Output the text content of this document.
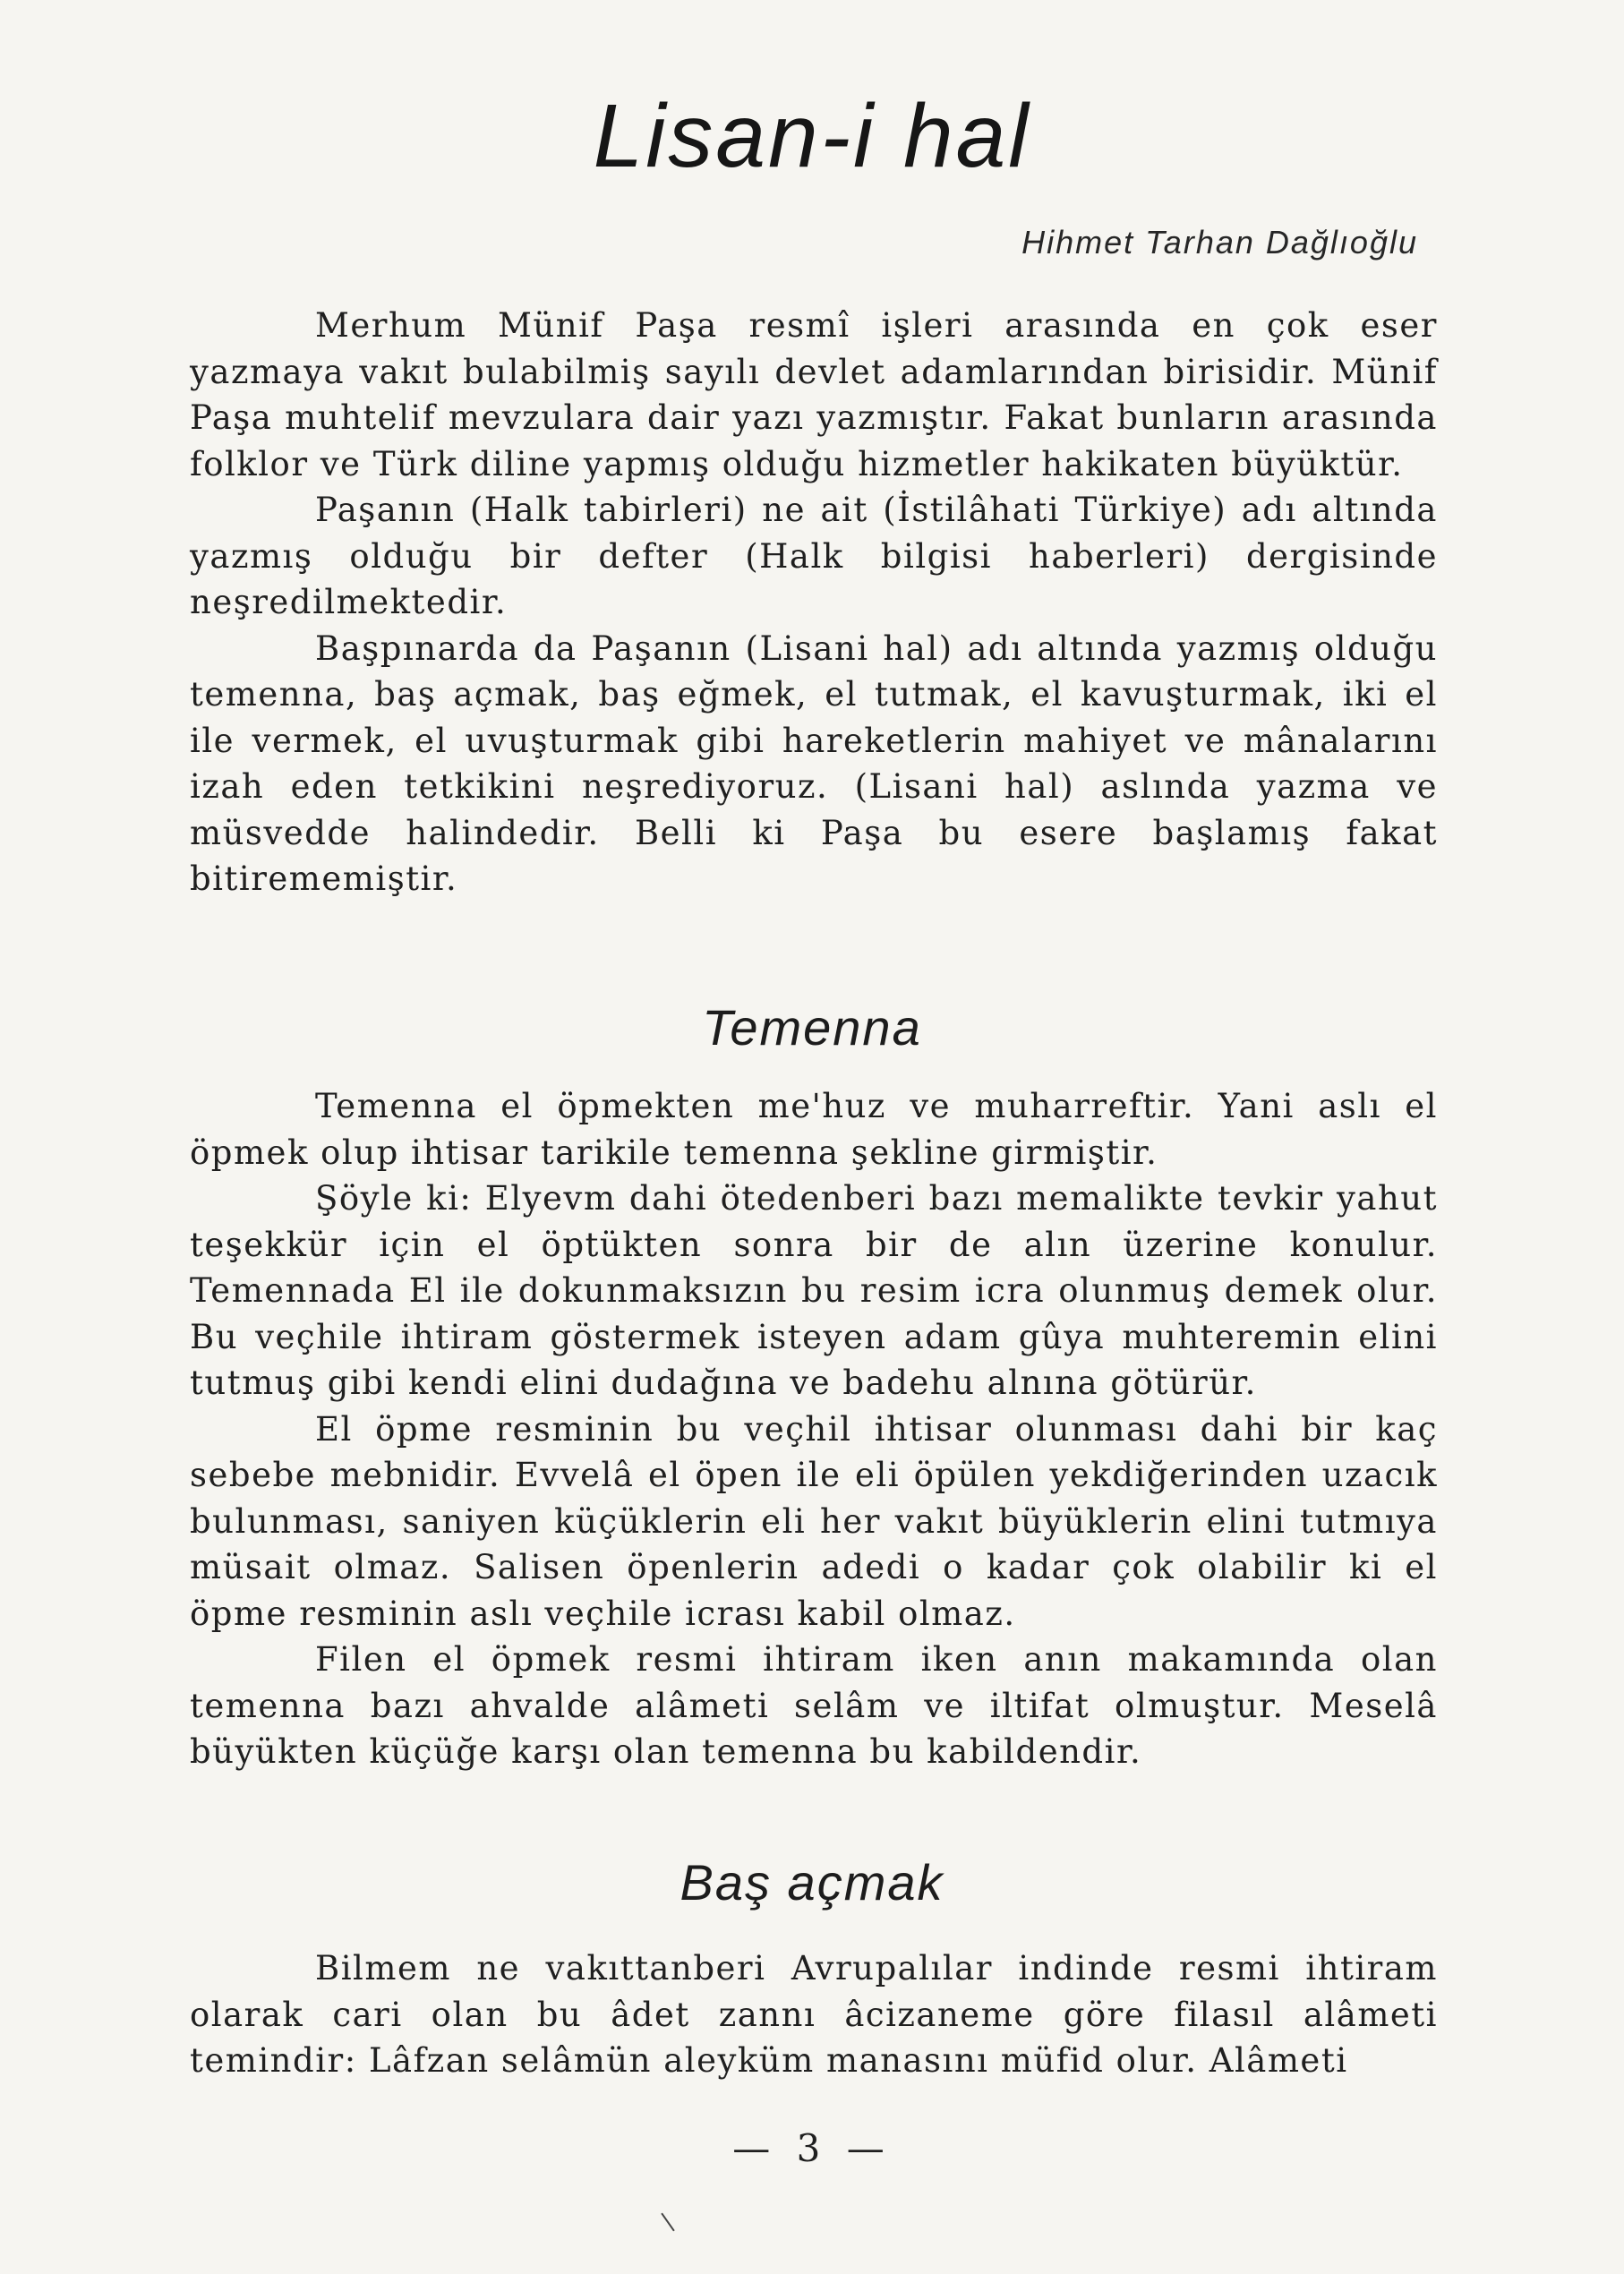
Lisan-i hal
Hihmet Tarhan Dağlıoğlu

Merhum Münif Paşa resmî işleri arasında en çok eser yazmaya vakıt bulabilmiş sayılı devlet adamlarından birisidir. Münif Paşa muhtelif mevzulara dair yazı yazmıştır. Fakat bunların arasında folklor ve Türk diline yapmış olduğu hizmetler hakikaten büyüktür.

Paşanın (Halk tabirleri) ne ait (İstilâhati Türkiye) adı altında yazmış olduğu bir defter (Halk bilgisi haberleri) dergisinde neşredilmektedir.

Başpınarda da Paşanın (Lisani hal) adı altında yazmış olduğu temenna, baş açmak, baş eğmek, el tutmak, el kavuşturmak, iki el ile vermek, el uvuşturmak gibi hareketlerin mahiyet ve mânalarını izah eden tetkikini neşrediyoruz. (Lisani hal) aslında yazma ve müsvedde halindedir. Belli ki Paşa bu esere başlamış fakat bitirememiştir.

Temenna

Temenna el öpmekten me'huz ve muharreftir. Yani aslı el öpmek olup ihtisar tarikile temenna şekline girmiştir.

Şöyle ki: Elyevm dahi ötedenberi bazı memalikte tevkir yahut teşekkür için el öptükten sonra bir de alın üzerine konulur. Temennada El ile dokunmaksızın bu resim icra olunmuş demek olur. Bu veçhile ihtiram göstermek isteyen adam gûya muhteremin elini tutmuş gibi kendi elini dudağına ve badehu alnına götürür.

El öpme resminin bu veçhil ihtisar olunması dahi bir kaç sebebe mebnidir. Evvelâ el öpen ile eli öpülen yekdiğerinden uzacık bulunması, saniyen küçüklerin eli her vakıt büyüklerin elini tutmıya müsait olmaz. Salisen öpenlerin adedi o kadar çok olabilir ki el öpme resminin aslı veçhile icrası kabil olmaz.

Filen el öpmek resmi ihtiram iken anın makamında olan temenna bazı ahvalde alâmeti selâm ve iltifat olmuştur. Meselâ büyükten küçüğe karşı olan temenna bu kabildendir.

Baş açmak

Bilmem ne vakıttanberi Avrupalılar indinde resmi ihtiram olarak cari olan bu âdet zannı âcizaneme göre filasıl alâmeti temindir: Lâfzan selâmün aleyküm manasını müfid olur. Alâmeti

— 3 —
